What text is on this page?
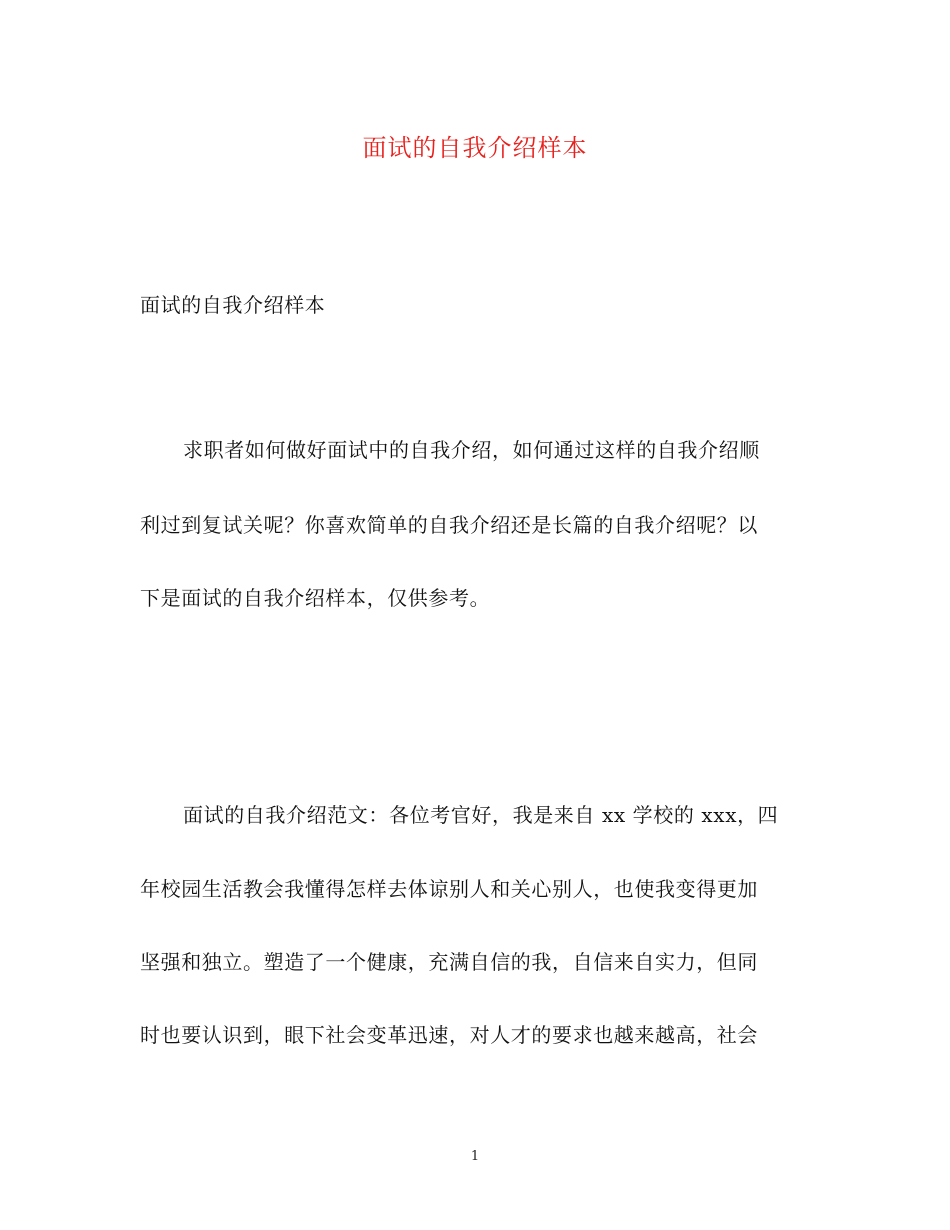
面试的自我介绍样本
面试的自我介绍样本
求职者如何做好面试中的自我介绍，如何通过这样的自我介绍顺
利过到复试关呢？你喜欢简单的自我介绍还是长篇的自我介绍呢？以
下是面试的自我介绍样本，仅供参考。
面试的自我介绍范文：各位考官好，我是来自 xx 学校的 xxx，四
年校园生活教会我懂得怎样去体谅别人和关心别人，也使我变得更加
坚强和独立。塑造了一个健康，充满自信的我，自信来自实力，但同
时也要认识到，眼下社会变革迅速，对人才的要求也越来越高，社会
1
